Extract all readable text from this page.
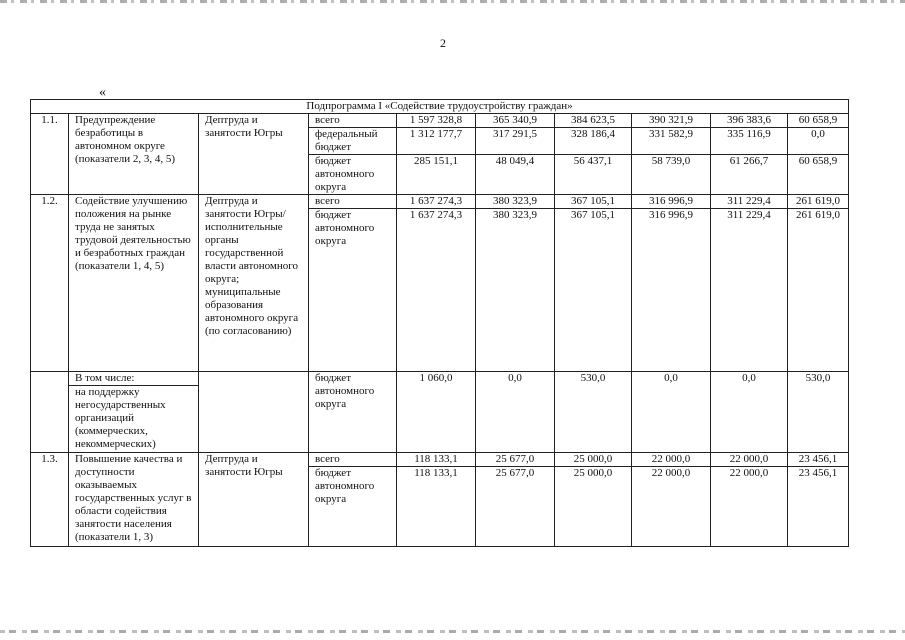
2
«
Подпрограмма I «Содействие трудоустройству граждан»									
1.1.	Предупреждение безработицы в автономном округе (показатели 2, 3, 4, 5)	Дептруда и занятости Югры	всего	1 597 328,8	365 340,9	384 623,5	390 321,9	396 383,6	60 658,9
			федеральный бюджет	1 312 177,7	317 291,5	328 186,4	331 582,9	335 116,9	0,0
			бюджет автономного округа	285 151,1	48 049,4	56 437,1	58 739,0	61 266,7	60 658,9
1.2.	Содействие улучшению положения на рынке труда не занятых трудовой деятельностью и безработных граждан (показатели 1, 4, 5)	Дептруда и занятости Югры/исполнительные органы государственной власти автономного округа; муниципальные образования автономного округа (по согласованию)	всего	1 637 274,3	380 323,9	367 105,1	316 996,9	311 229,4	261 619,0
			бюджет автономного округа	1 637 274,3	380 323,9	367 105,1	316 996,9	311 229,4	261 619,0
	В том числе:		бюджет автономного округа	1 060,0	0,0	530,0	0,0	0,0	530,0
	на поддержку негосударственных организаций (коммерческих, некоммерческих)								
1.3.	Повышение качества и доступности оказываемых государственных услуг в области содействия занятости населения (показатели 1, 3)	Дептруда и занятости Югры	всего	118 133,1	25 677,0	25 000,0	22 000,0	22 000,0	23 456,1
			бюджет автономного округа	118 133,1	25 677,0	25 000,0	22 000,0	22 000,0	23 456,1
